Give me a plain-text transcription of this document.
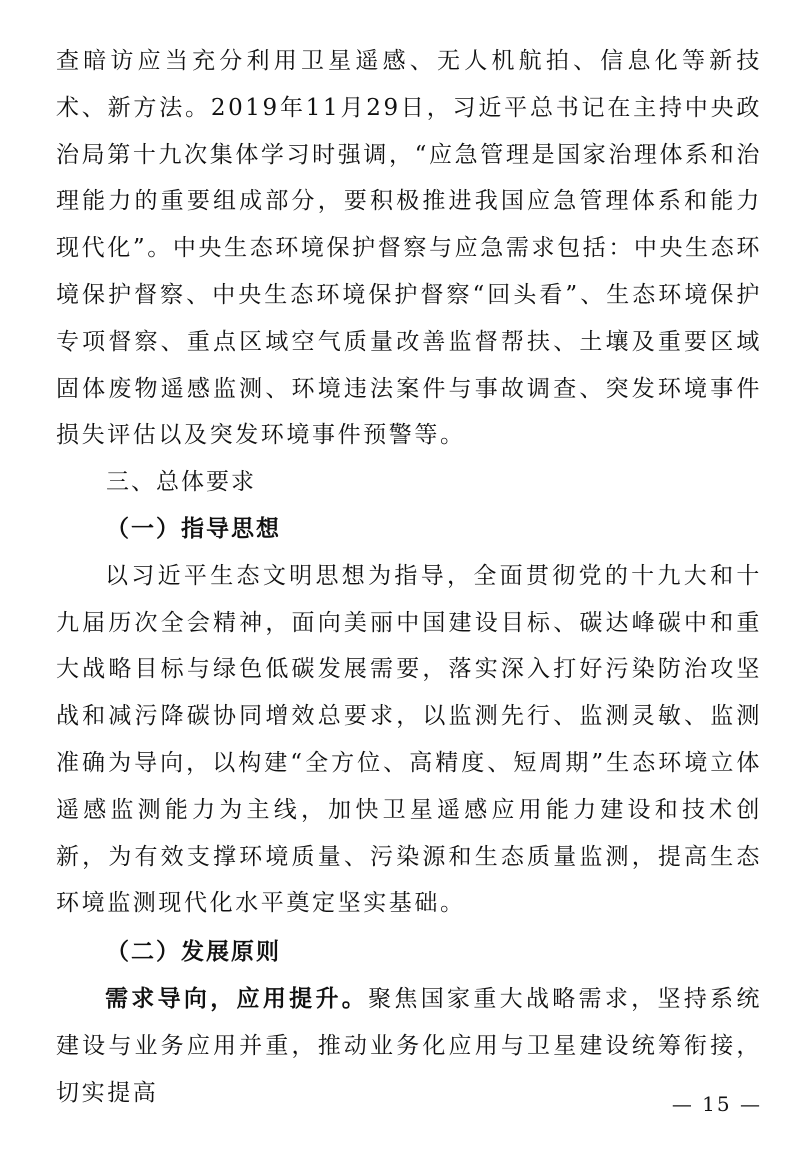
查暗访应当充分利用卫星遥感、无人机航拍、信息化等新技术、新方法。2019年11月29日，习近平总书记在主持中央政治局第十九次集体学习时强调，“应急管理是国家治理体系和治理能力的重要组成部分，要积极推进我国应急管理体系和能力现代化”。中央生态环境保护督察与应急需求包括：中央生态环境保护督察、中央生态环境保护督察“回头看”、生态环境保护专项督察、重点区域空气质量改善监督帮扶、土壤及重要区域固体废物遥感监测、环境违法案件与事故调查、突发环境事件损失评估以及突发环境事件预警等。

三、总体要求
（一）指导思想

以习近平生态文明思想为指导，全面贯彻党的十九大和十九届历次全会精神，面向美丽中国建设目标、碳达峰碳中和重大战略目标与绿色低碳发展需要，落实深入打好污染防治攻坚战和减污降碳协同增效总要求，以监测先行、监测灵敏、监测准确为导向，以构建“全方位、高精度、短周期”生态环境立体遥感监测能力为主线，加快卫星遥感应用能力建设和技术创新，为有效支撑环境质量、污染源和生态质量监测，提高生态环境监测现代化水平奠定坚实基础。

（二）发展原则

需求导向，应用提升。聚焦国家重大战略需求，坚持系统建设与业务应用并重，推动业务化应用与卫星建设统筹衔接，切实提高	— 15 —
